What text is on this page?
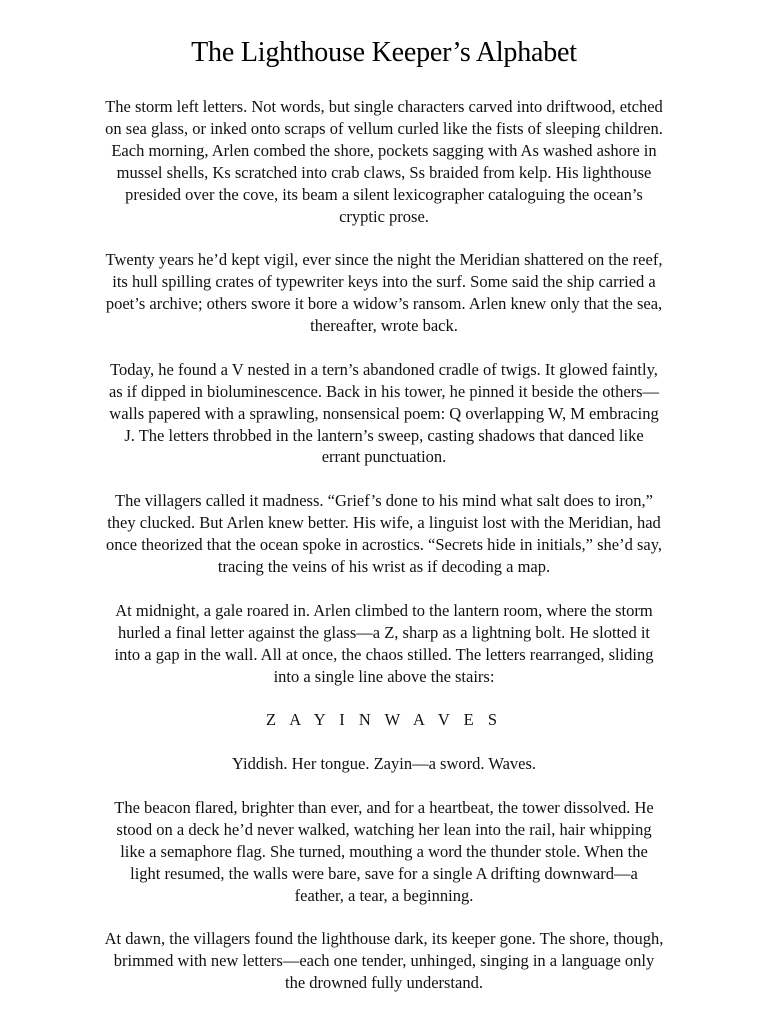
The Lighthouse Keeper’s Alphabet

The storm left letters. Not words, but single characters carved into driftwood, etched on sea glass, or inked onto scraps of vellum curled like the fists of sleeping children. Each morning, Arlen combed the shore, pockets sagging with As washed ashore in mussel shells, Ks scratched into crab claws, Ss braided from kelp. His lighthouse presided over the cove, its beam a silent lexicographer cataloguing the ocean’s cryptic prose.

Twenty years he’d kept vigil, ever since the night the Meridian shattered on the reef, its hull spilling crates of typewriter keys into the surf. Some said the ship carried a poet’s archive; others swore it bore a widow’s ransom. Arlen knew only that the sea, thereafter, wrote back.

Today, he found a V nested in a tern’s abandoned cradle of twigs. It glowed faintly, as if dipped in bioluminescence. Back in his tower, he pinned it beside the others—walls papered with a sprawling, nonsensical poem: Q overlapping W, M embracing J. The letters throbbed in the lantern’s sweep, casting shadows that danced like errant punctuation.

The villagers called it madness. “Grief’s done to his mind what salt does to iron,” they clucked. But Arlen knew better. His wife, a linguist lost with the Meridian, had once theorized that the ocean spoke in acrostics. “Secrets hide in initials,” she’d say, tracing the veins of his wrist as if decoding a map.

At midnight, a gale roared in. Arlen climbed to the lantern room, where the storm hurled a final letter against the glass—a Z, sharp as a lightning bolt. He slotted it into a gap in the wall. All at once, the chaos stilled. The letters rearranged, sliding into a single line above the stairs:

Z A Y I N W A V E S

Yiddish. Her tongue. Zayin—a sword. Waves.

The beacon flared, brighter than ever, and for a heartbeat, the tower dissolved. He stood on a deck he’d never walked, watching her lean into the rail, hair whipping like a semaphore flag. She turned, mouthing a word the thunder stole. When the light resumed, the walls were bare, save for a single A drifting downward—a feather, a tear, a beginning.

At dawn, the villagers found the lighthouse dark, its keeper gone. The shore, though, brimmed with new letters—each one tender, unhinged, singing in a language only the drowned fully understand.
